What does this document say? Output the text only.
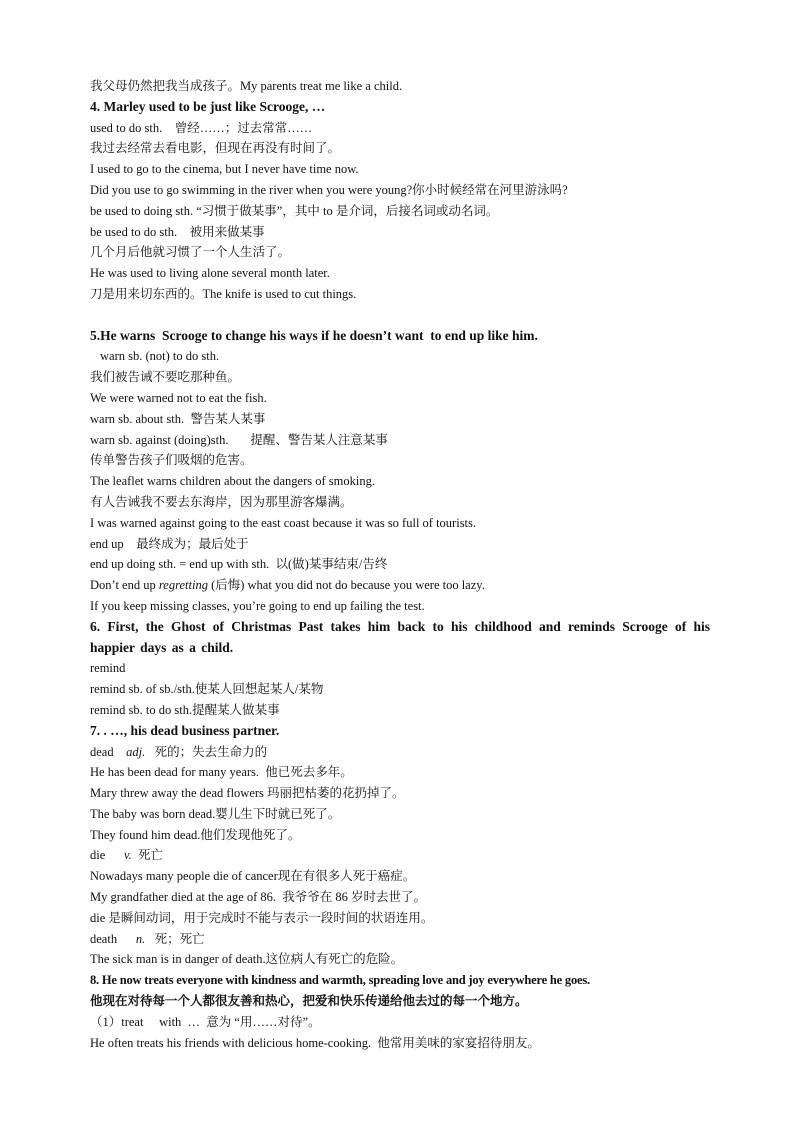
我父母仍然把我当成孩子。My parents treat me like a child.
4. Marley used to be just like Scrooge, …
used to do sth.    曾经……；过去常常……
我过去经常去看电影，但现在再没有时间了。
I used to go to the cinema, but I never have time now.
Did you use to go swimming in the river when you were young?你小时候经常在河里游泳吗?
be used to doing sth. “习惯于做某事”，其中 to 是介词，后接名词或动名词。
be used to do sth.    被用来做某事
几个月后他就习惯了一个人生活了。
He was used to living alone several month later.
刀是用来切东西的。The knife is used to cut things.
5.He warns  Scrooge to change his ways if he doesn’t want  to end up like him.
warn sb. (not) to do sth.
我们被告诫不要吃那种鱼。
We were warned not to eat the fish.
warn sb. about sth.  警告某人某事
warn sb. against (doing)sth.       提醒、警告某人注意某事
传单警告孩子们吸烟的危害。
The leaflet warns children about the dangers of smoking.
有人告诫我不要去东海岸，因为那里游客爆满。
I was warned against going to the east coast because it was so full of tourists.
end up    最终成为；最后处于
end up doing sth. = end up with sth.  以(做)某事结束/告终
Don’t end up regretting (后悔) what you did not do because you were too lazy.
If you keep missing classes, you’re going to end up failing the test.
6. First, the Ghost of Christmas Past takes him back to his childhood and reminds Scrooge of his happier days as a child.
remind
remind sb. of sb./sth.使某人回想起某人/某物
remind sb. to do sth.提醒某人做某事
7. . …, his dead business partner.
dead    adj.   死的；失去生命力的
He has been dead for many years.  他已死去多年。
Mary threw away the dead flowers 玛丽把枯萎的花扔掉了。
The baby was born dead.婴儿生下时就已死了。
They found him dead.他们发现他死了。
die      v.  死亡
Nowadays many people die of cancer现在有很多人死于癌症。
My grandfather died at the age of 86.  我爷爷在 86 岁时去世了。
die 是瞬间动词，用于完成时不能与表示一段时间的状语连用。
death      n.   死；死亡
The sick man is in danger of death.这位病人有死亡的危险。
8. He now treats everyone with kindness and warmth, spreading love and joy everywhere he goes.
他现在对待每一个人都很友善和热心，把爱和快乐传递给他去过的每一个地方。
（1）treat     with  …  意为 “用……对待”。
He often treats his friends with delicious home-cooking.  他常用美味的家宴招待朋友。
